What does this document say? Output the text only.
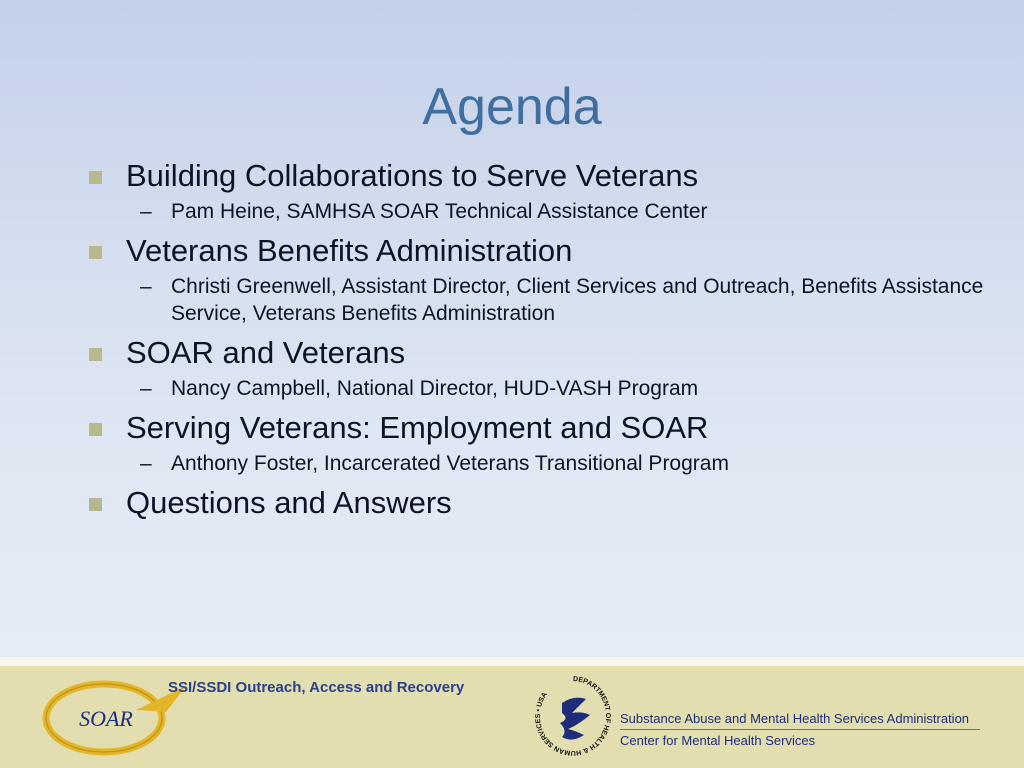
Agenda
Building Collaborations to Serve Veterans
– Pam Heine, SAMHSA SOAR Technical Assistance Center
Veterans Benefits Administration
– Christi Greenwell, Assistant Director, Client Services and Outreach, Benefits Assistance Service, Veterans Benefits Administration
SOAR and Veterans
– Nancy Campbell, National Director, HUD-VASH Program
Serving Veterans: Employment and SOAR
– Anthony Foster, Incarcerated Veterans Transitional Program
Questions and Answers
SOAR
SSI/SSDI Outreach, Access and Recovery	DEPARTMENT OF HEALTH & HUMAN SERVICES • USA
Substance Abuse and Mental Health Services Administration
Center for Mental Health Services
